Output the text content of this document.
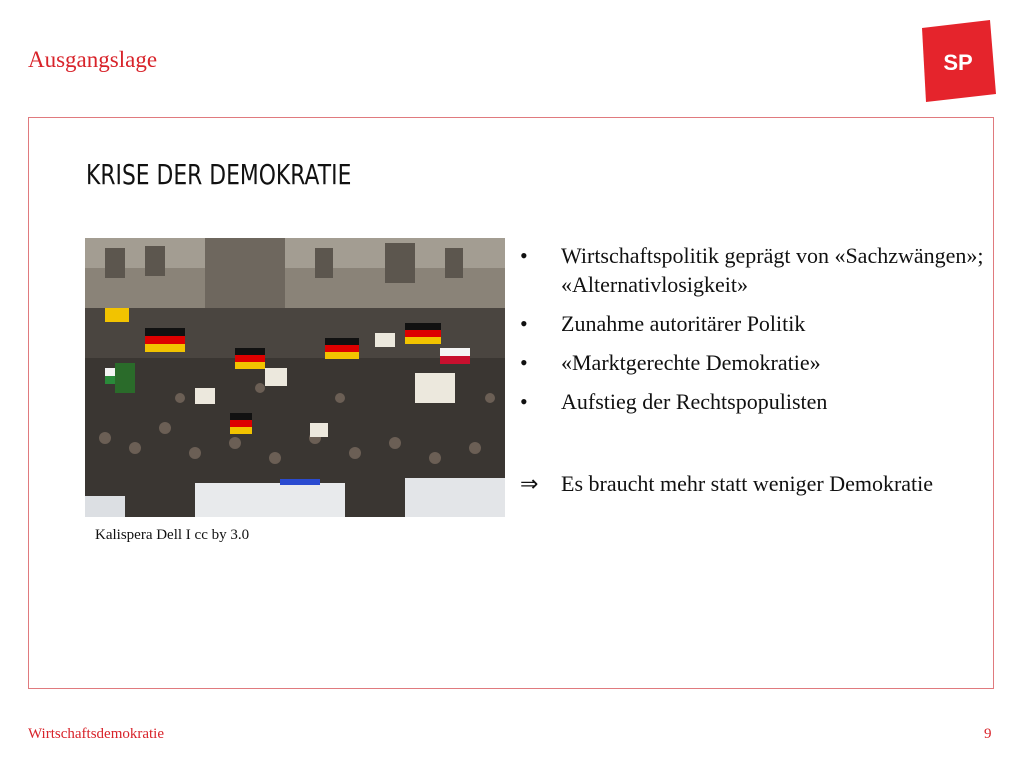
Ausgangslage	SP
KRISE DER DEMOKRATIE
Kalispera Dell I cc by 3.0
• Wirtschaftspolitik geprägt von «Sachzwängen»; «Alternativlosigkeit»
• Zunahme autoritärer Politik
• «Marktgerechte Demokratie»
• Aufstieg der Rechtspopulisten
⇒ Es braucht mehr statt weniger Demokratie
Wirtschaftsdemokratie	9
